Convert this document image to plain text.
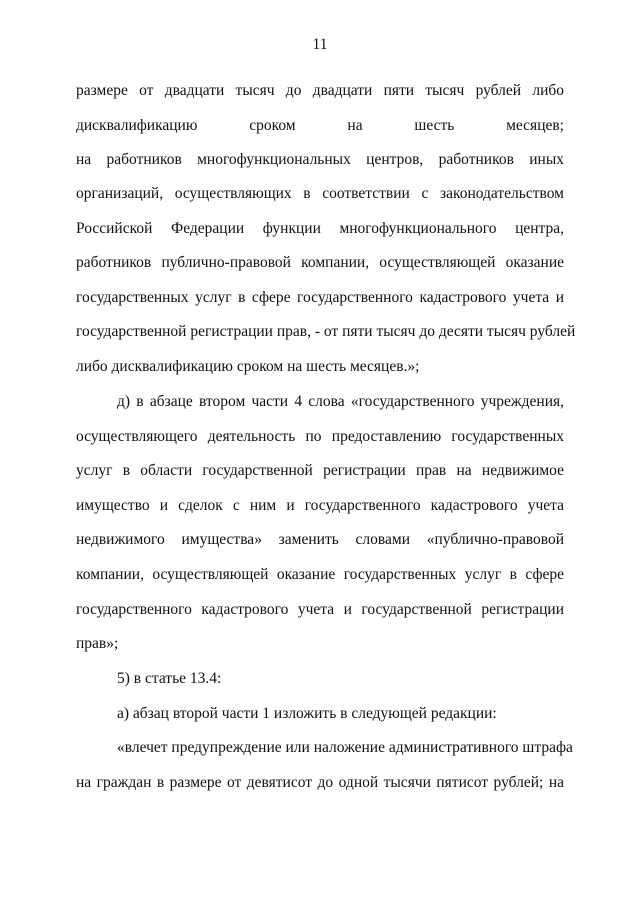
11
размере от двадцати тысяч до двадцати пяти тысяч рублей либо
дисквалификацию сроком на шесть месяцев;
на работников многофункциональных центров, работников иных
организаций, осуществляющих в соответствии с законодательством
Российской Федерации функции многофункционального центра,
работников публично-правовой компании, осуществляющей оказание
государственных услуг в сфере государственного кадастрового учета и
государственной регистрации прав, - от пяти тысяч до десяти тысяч рублей
либо дисквалификацию сроком на шесть месяцев.»;
д) в абзаце втором части 4 слова «государственного учреждения,
осуществляющего деятельность по предоставлению государственных
услуг в области государственной регистрации прав на недвижимое
имущество и сделок с ним и государственного кадастрового учета
недвижимого имущества» заменить словами «публично-правовой
компании, осуществляющей оказание государственных услуг в сфере
государственного кадастрового учета и государственной регистрации
прав»;
5) в статье 13.4:
а) абзац второй части 1 изложить в следующей редакции:
«влечет предупреждение или наложение административного штрафа
на граждан в размере от девятисот до одной тысячи пятисот рублей; на
